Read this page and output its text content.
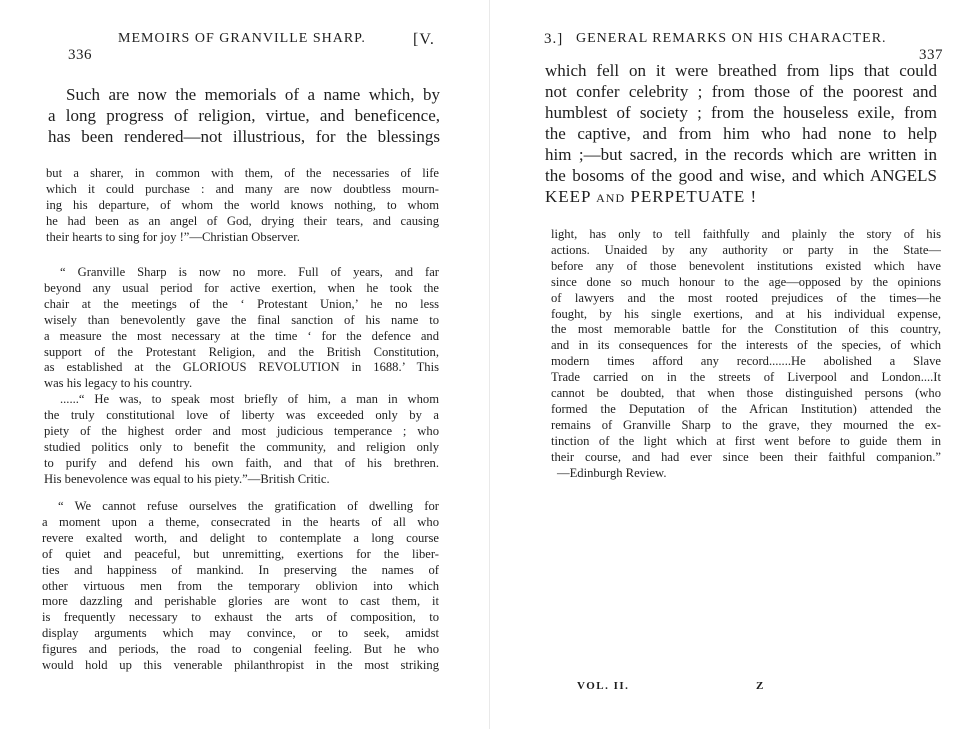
336

MEMOIRS OF GRANVILLE SHARP.	[V.
Such are now the memorials of a name which, by
a long progress of religion, virtue, and beneficence,
has been rendered—not illustrious, for the blessings
but a sharer, in common with them, of the necessaries of life
which it could purchase : and many are now doubtless mourn-
ing his departure, of whom the world knows nothing, to whom
he had been as an angel of God, drying their tears, and causing
their hearts to sing for joy !”—Christian Observer.
“ Granville Sharp is now no more. Full of years, and far
beyond any usual period for active exertion, when he took the
chair at the meetings of the ‘ Protestant Union,’ he no less
wisely than benevolently gave the final sanction of his name to
a measure the most necessary at the time ‘ for the defence and
support of the Protestant Religion, and the British Constitution,
as established at the GLORIOUS REVOLUTION in 1688.’ This
was his legacy to his country.
......“ He was, to speak most briefly of him, a man in whom
the truly constitutional love of liberty was exceeded only by a
piety of the highest order and most judicious temperance ; who
studied politics only to benefit the community, and religion only
to purify and defend his own faith, and that of his brethren.
His benevolence was equal to his piety.”—British Critic.
“ We cannot refuse ourselves the gratification of dwelling for
a moment upon a theme, consecrated in the hearts of all who
revere exalted worth, and delight to contemplate a long course
of quiet and peaceful, but unremitting, exertions for the liber-
ties and happiness of mankind. In preserving the names of
other virtuous men from the temporary oblivion into which
more dazzling and perishable glories are wont to cast them, it
is frequently necessary to exhaust the arts of composition, to
display arguments which may convince, or to seek, amidst
figures and periods, the road to congenial feeling. But he who
would hold up this venerable philanthropist in the most striking
3.] GENERAL REMARKS ON HIS CHARACTER.

337

which fell on it were breathed from lips that could
not confer celebrity ; from those of the poorest and
humblest of society ; from the houseless exile, from
the captive, and from him who had none to help
him ;—but sacred, in the records which are written in
the bosoms of the good and wise, and which ANGELS
KEEP and PERPETUATE !
light, has only to tell faithfully and plainly the story of his
actions. Unaided by any authority or party in the State—
before any of those benevolent institutions existed which have
since done so much honour to the age—opposed by the opinions
of lawyers and the most rooted prejudices of the times—he
fought, by his single exertions, and at his individual expense,
the most memorable battle for the Constitution of this country,
and in its consequences for the interests of the species, of which
modern times afford any record.......He abolished a Slave
Trade carried on in the streets of Liverpool and London....It
cannot be doubted, that when those distinguished persons (who
formed the Deputation of the African Institution) attended the
remains of Granville Sharp to the grave, they mourned the ex-
tinction of the light which at first went before to guide them in
their course, and had ever since been their faithful companion.”
—Edinburgh Review.
VOL. II.	Z
